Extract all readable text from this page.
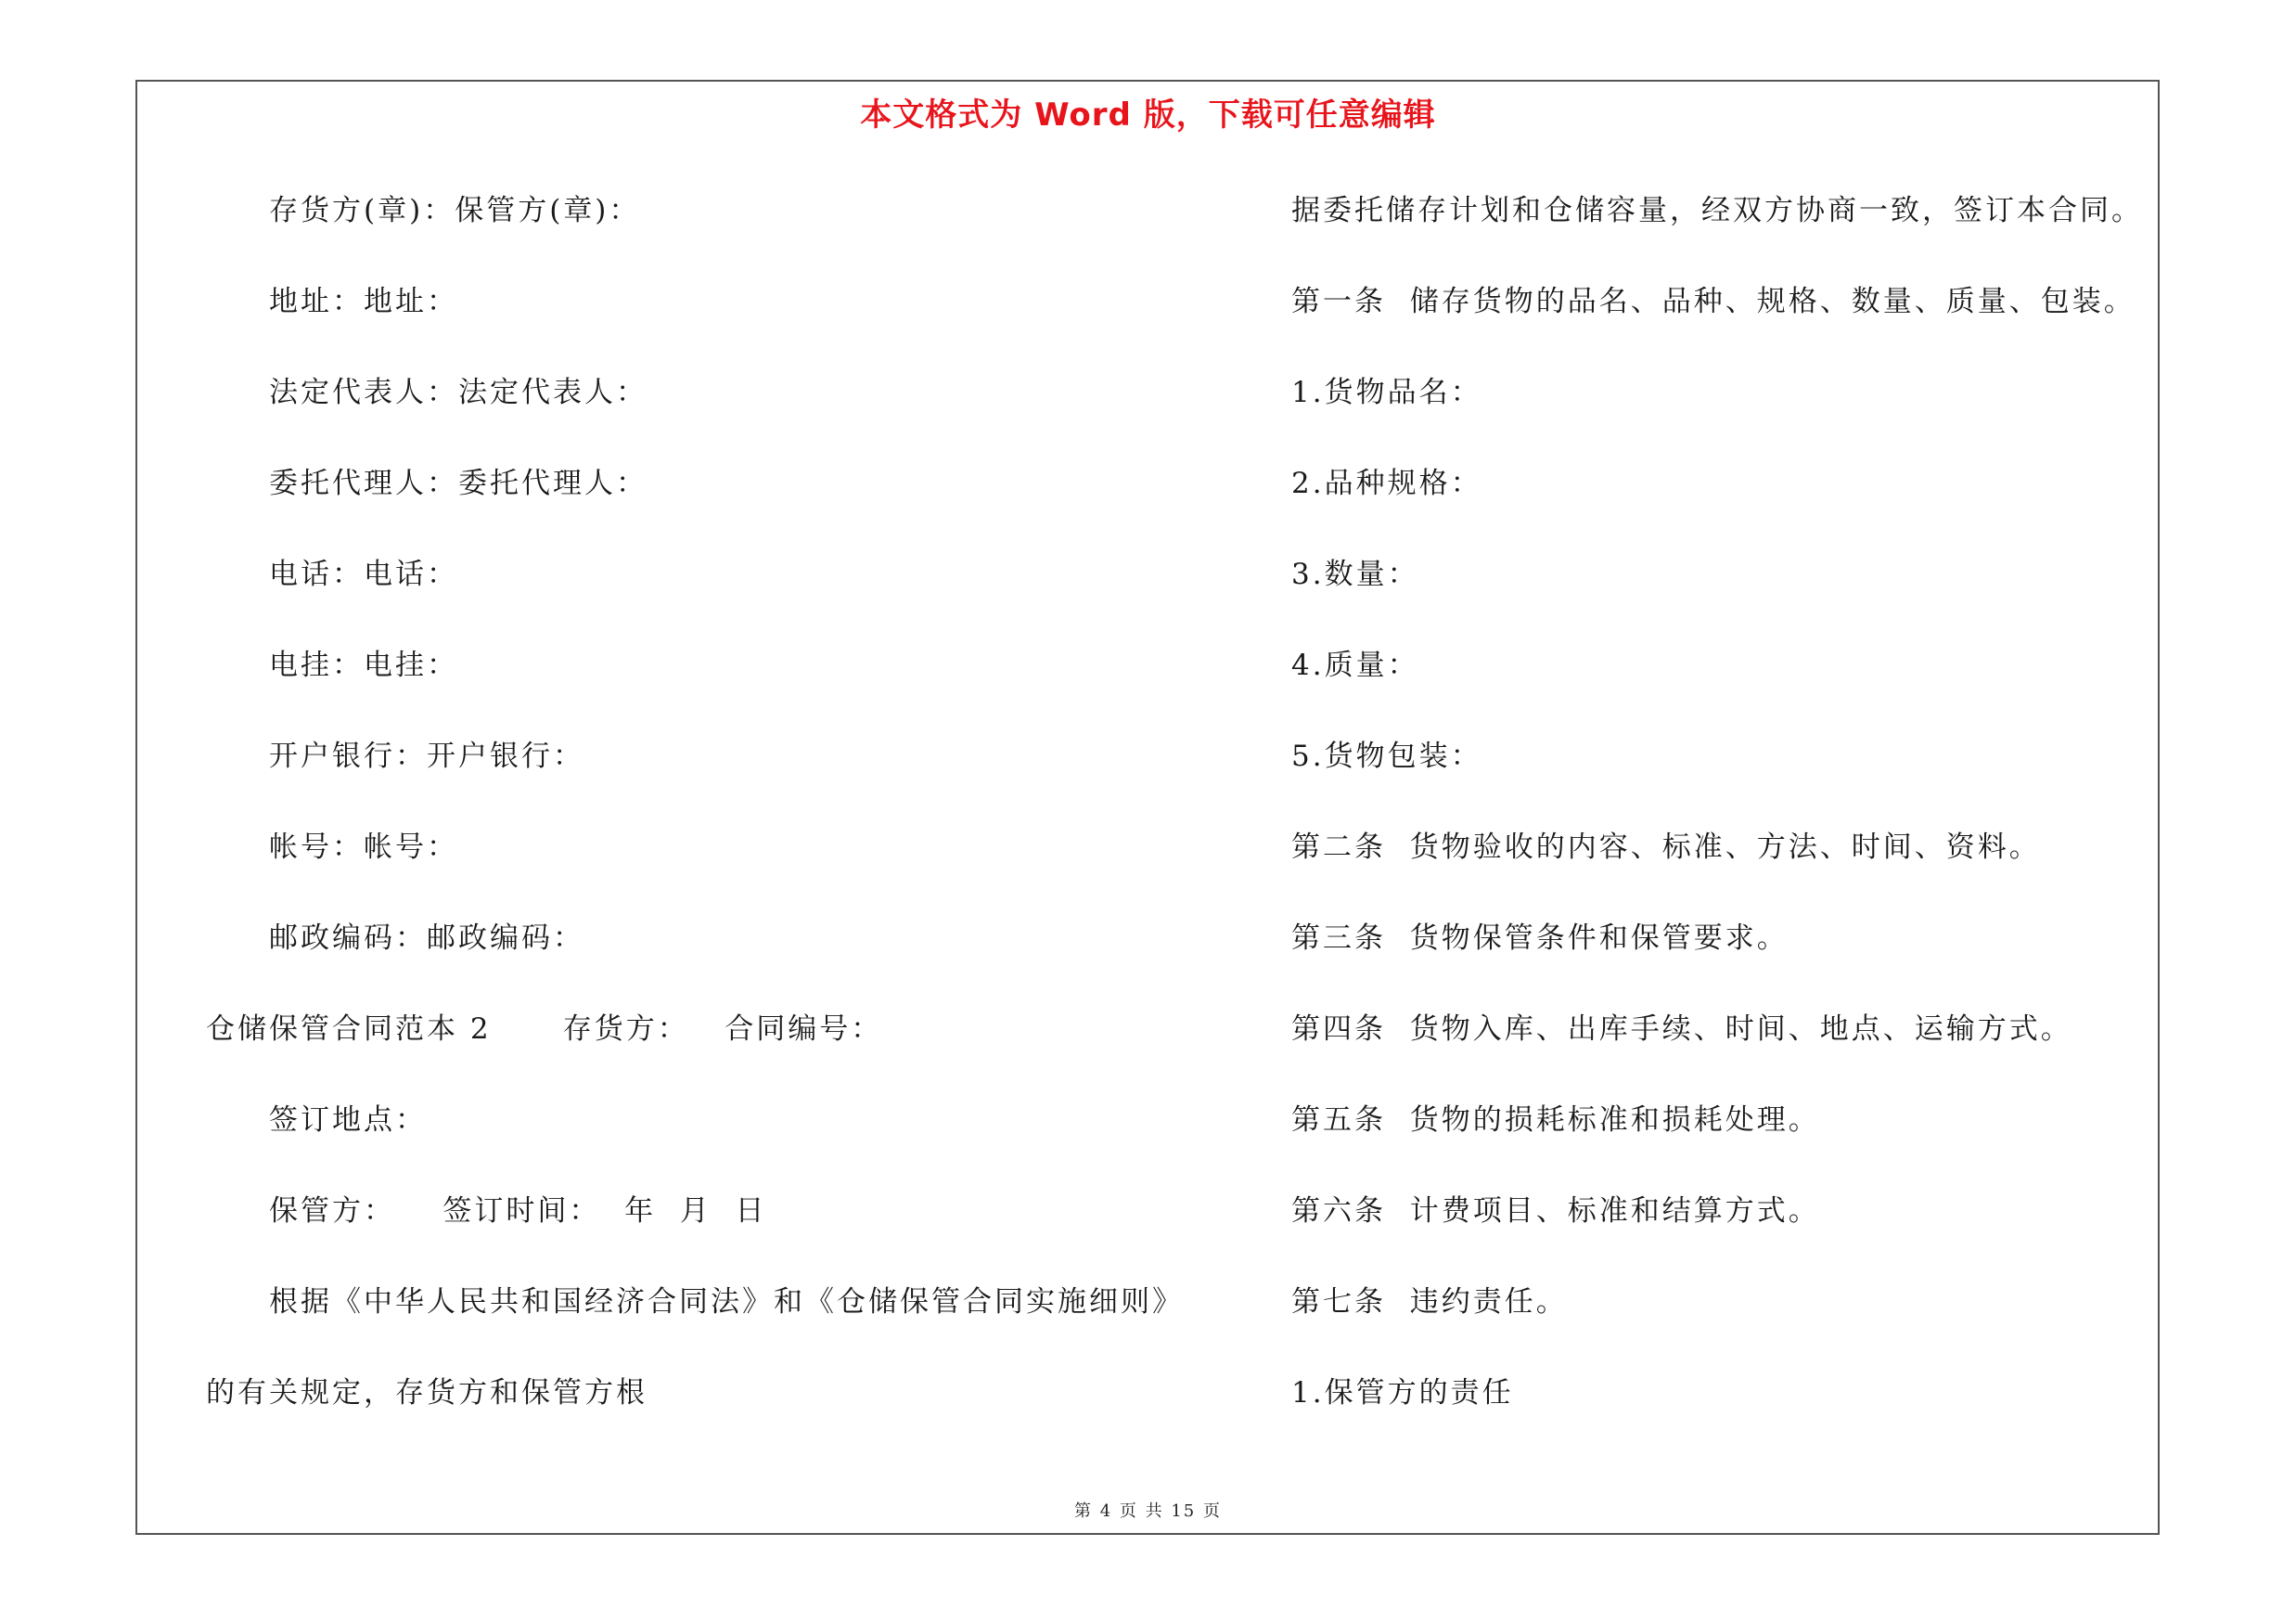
本文格式为 Word 版，下载可任意编辑
存货方(章)：保管方(章)：
地址：地址：
法定代表人：法定代表人：
委托代理人：委托代理人：
电话：电话：
电挂：电挂：
开户银行：开户银行：
帐号：帐号：
邮政编码：邮政编码：
仓储保管合同范本 2      存货方：   合同编号：
签订地点：
保管方：    签订时间：  年  月  日
根据《中华人民共和国经济合同法》和《仓储保管合同实施细则》
的有关规定，存货方和保管方根
据委托储存计划和仓储容量，经双方协商一致，签订本合同。
第一条  储存货物的品名、品种、规格、数量、质量、包装。
1.货物品名：
2.品种规格：
3.数量：
4.质量：
5.货物包装：
第二条  货物验收的内容、标准、方法、时间、资料。
第三条  货物保管条件和保管要求。
第四条  货物入库、出库手续、时间、地点、运输方式。
第五条  货物的损耗标准和损耗处理。
第六条  计费项目、标准和结算方式。
第七条  违约责任。
1.保管方的责任
第 4 页 共 15 页
